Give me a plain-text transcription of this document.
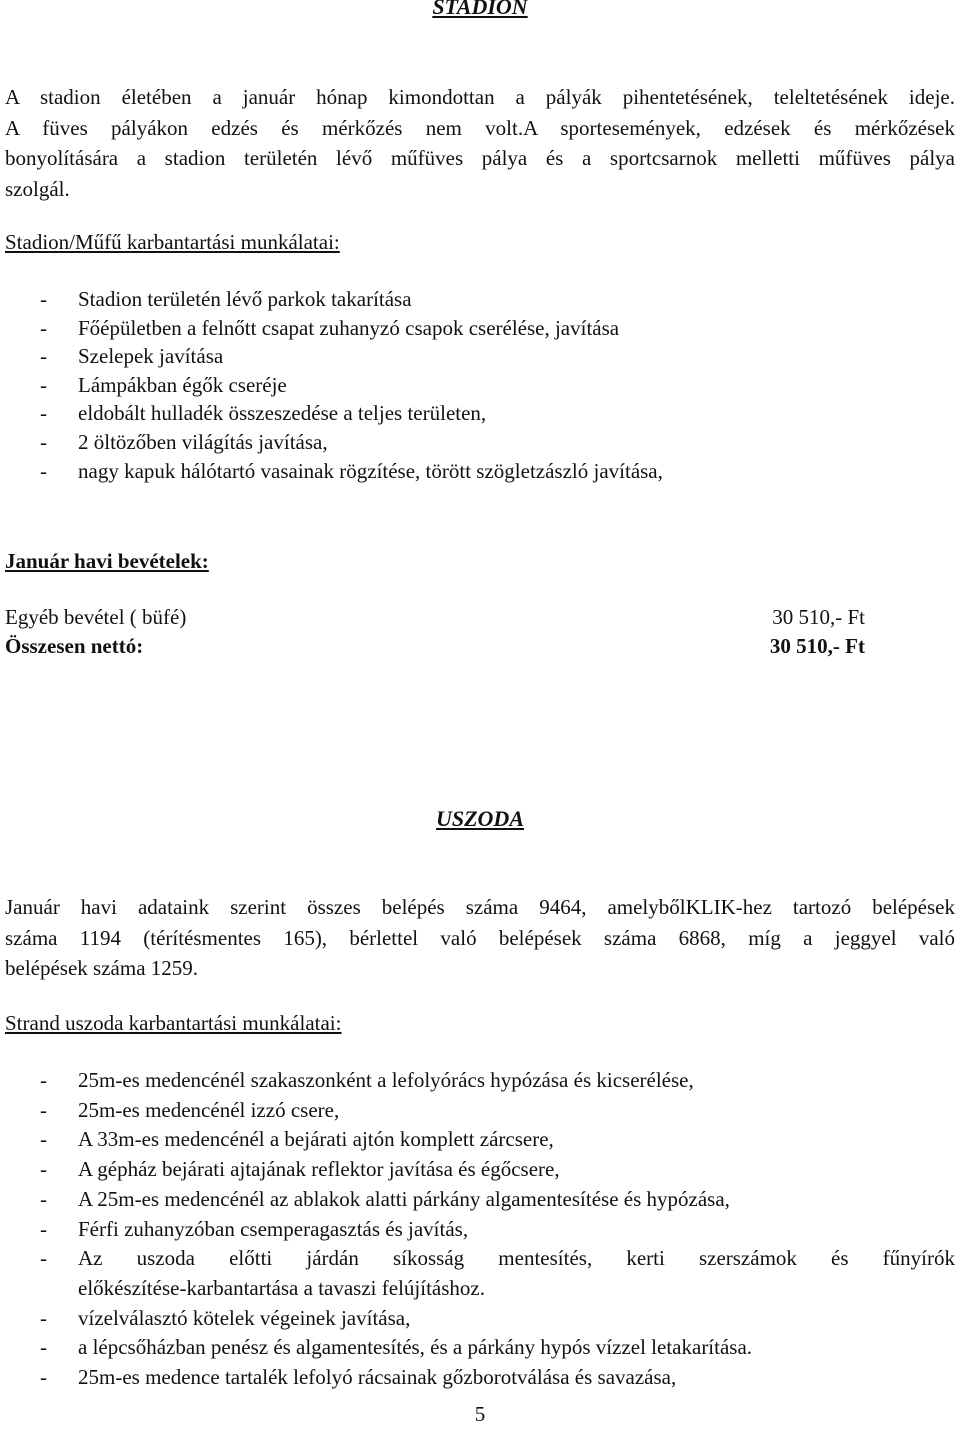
STADION
A stadion életében a január hónap kimondottan a pályák pihentetésének, teleltetésének ideje.
A füves pályákon edzés és mérkőzés nem volt.A sportesemények, edzések és mérkőzések
bonyolítására a stadion területén lévő műfüves pálya és a sportcsarnok melletti műfüves pálya
szolgál.
Stadion/Műfű karbantartási munkálatai:
- Stadion területén lévő parkok takarítása
- Főépületben a felnőtt csapat zuhanyzó csapok cserélése, javítása
- Szelepek javítása
- Lámpákban égők cseréje
- eldobált hulladék összeszedése a teljes területen,
- 2 öltözőben világítás javítása,
- nagy kapuk hálótartó vasainak rögzítése, törött szögletzászló javítása,
Január havi bevételek:
Egyéb bevétel ( büfé)	30 510,- Ft
Összesen nettó:	30 510,- Ft
USZODA
Január havi adataink szerint összes belépés száma 9464, amelybőlKLIK-hez tartozó belépések
száma 1194 (térítésmentes 165), bérlettel való belépések száma 6868, míg a jeggyel való
belépések száma 1259.
Strand uszoda karbantartási munkálatai:
- 25m-es medencénél szakaszonként a lefolyórács hypózása és kicserélése,
- 25m-es medencénél izzó csere,
- A 33m-es medencénél a bejárati ajtón komplett zárcsere,
- A gépház bejárati ajtajának reflektor javítása és égőcsere,
- A 25m-es medencénél az ablakok alatti párkány algamentesítése és hypózása,
- Férfi zuhanyzóban csemperagasztás és javítás,
- Az uszoda előtti járdán síkosság mentesítés, kerti szerszámok és fűnyírók
előkészítése-karbantartása a tavaszi felújításhoz.
- vízelválasztó kötelek végeinek javítása,
- a lépcsőházban penész és algamentesítés, és a párkány hypós vízzel letakarítása.
- 25m-es medence tartalék lefolyó rácsainak gőzborotválása és savazása,
5
